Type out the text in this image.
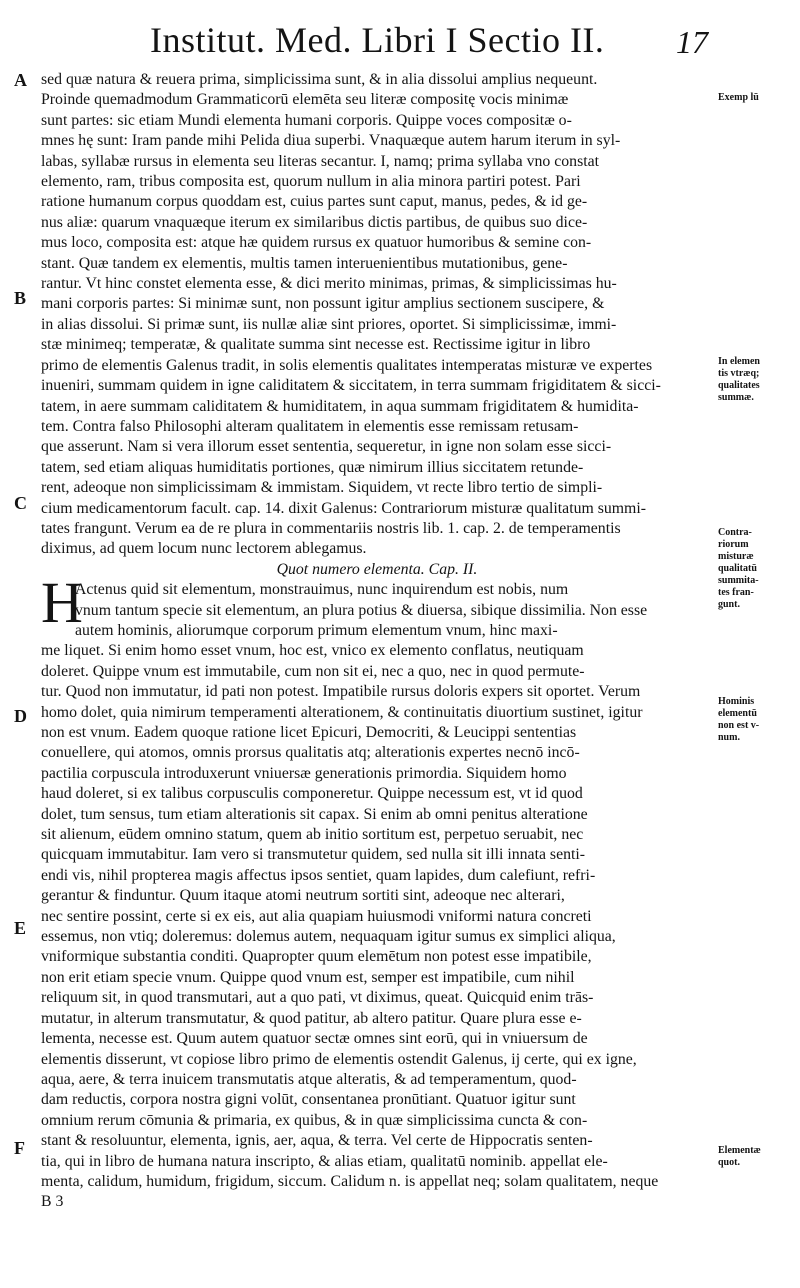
Institut. Med. Libri I Sectio II. 17
A
B
C
D
E
F
Exemp lū
In elemen
tis vtræq;
qualitates
summæ.
Contra-
riorum
misturæ
qualitatū
summita-
tes fran-
gunt.
Hominis
elementū
non est v-
num.
Elementæ
quot.
sed quæ natura & reuera prima, simplicissima sunt, & in alia dissolui amplius nequeunt.
Proinde quemadmodum Grammaticorū elemēta seu literæ compositę vocis minimæ
sunt partes: sic etiam Mundi elementa humani corporis. Quippe voces compositæ o-
mnes hę sunt: Iram pande mihi Pelida diua superbi. Vnaquæque autem harum iterum in syl-
labas, syllabæ rursus in elementa seu literas secantur. I, namq; prima syllaba vno constat
elemento, ram, tribus composita est, quorum nullum in alia minora partiri potest. Pari
ratione humanum corpus quoddam est, cuius partes sunt caput, manus, pedes, & id ge-
nus aliæ: quarum vnaquæque iterum ex similaribus dictis partibus, de quibus suo dice-
mus loco, composita est: atque hæ quidem rursus ex quatuor humoribus & semine con-
stant. Quæ tandem ex elementis, multis tamen interuenientibus mutationibus, gene-
rantur. Vt hinc constet elementa esse, & dici merito minimas, primas, & simplicissimas hu-
mani corporis partes: Si minimæ sunt, non possunt igitur amplius sectionem suscipere, &
in alias dissolui. Si primæ sunt, iis nullæ aliæ sint priores, oportet. Si simplicissimæ, immi-
stæ minimeq; temperatæ, & qualitate summa sint necesse est. Rectissime igitur in libro
primo de elementis Galenus tradit, in solis elementis qualitates intemperatas misturæ ve expertes
inueniri, summam quidem in igne caliditatem & siccitatem, in terra summam frigiditatem & sicci-
tatem, in aere summam caliditatem & humiditatem, in aqua summam frigiditatem & humidita-
tem. Contra falso Philosophi alteram qualitatem in elementis esse remissam retusam-
que asserunt. Nam si vera illorum esset sententia, sequeretur, in igne non solam esse sicci-
tatem, sed etiam aliquas humiditatis portiones, quæ nimirum illius siccitatem retunde-
rent, adeoque non simplicissimam & immistam. Siquidem, vt recte libro tertio de simpli-
cium medicamentorum facult. cap. 14. dixit Galenus: Contrariorum misturæ qualitatum summi-
tates frangunt. Verum ea de re plura in commentariis nostris lib. 1. cap. 2. de temperamentis
diximus, ad quem locum nunc lectorem ablegamus.
Quot numero elementa. Cap. II.
Actenus quid sit elementum, monstrauimus, nunc inquirendum est nobis, num
H
vnum tantum specie sit elementum, an plura potius & diuersa, sibique dissimilia. Non esse
autem hominis, aliorumque corporum primum elementum vnum, hinc maxi-
me liquet. Si enim homo esset vnum, hoc est, vnico ex elemento conflatus, neutiquam
doleret. Quippe vnum est immutabile, cum non sit ei, nec a quo, nec in quod permute-
tur. Quod non immutatur, id pati non potest. Impatibile rursus doloris expers sit oportet. Verum
homo dolet, quia nimirum temperamenti alterationem, & continuitatis diuortium sustinet, igitur
non est vnum. Eadem quoque ratione licet Epicuri, Democriti, & Leucippi sententias
conuellere, qui atomos, omnis prorsus qualitatis atq; alterationis expertes necnō incō-
pactilia corpuscula introduxerunt vniuersæ generationis primordia. Siquidem homo
haud doleret, si ex talibus corpusculis componeretur. Quippe necessum est, vt id quod
dolet, tum sensus, tum etiam alterationis sit capax. Si enim ab omni penitus alteratione
sit alienum, eūdem omnino statum, quem ab initio sortitum est, perpetuo seruabit, nec
quicquam immutabitur. Iam vero si transmutetur quidem, sed nulla sit illi innata senti-
endi vis, nihil propterea magis affectus ipsos sentiet, quam lapides, dum calefiunt, refri-
gerantur & finduntur. Quum itaque atomi neutrum sortiti sint, adeoque nec alterari,
nec sentire possint, certe si ex eis, aut alia quapiam huiusmodi vniformi natura concreti
essemus, non vtiq; doleremus: dolemus autem, nequaquam igitur sumus ex simplici aliqua,
vniformique substantia conditi. Quapropter quum elemētum non potest esse impatibile,
non erit etiam specie vnum. Quippe quod vnum est, semper est impatibile, cum nihil
reliquum sit, in quod transmutari, aut a quo pati, vt diximus, queat. Quicquid enim trās-
mutatur, in alterum transmutatur, & quod patitur, ab altero patitur. Quare plura esse e-
lementa, necesse est. Quum autem quatuor sectæ omnes sint eorū, qui in vniuersum de
elementis disserunt, vt copiose libro primo de elementis ostendit Galenus, ij certe, qui ex igne,
aqua, aere, & terra inuicem transmutatis atque alteratis, & ad temperamentum, quod-
dam reductis, corpora nostra gigni volūt, consentanea pronūtiant. Quatuor igitur sunt
omnium rerum cōmunia & primaria, ex quibus, & in quæ simplicissima cuncta & con-
stant & resoluuntur, elementa, ignis, aer, aqua, & terra. Vel certe de Hippocratis senten-
tia, qui in libro de humana natura inscripto, & alias etiam, qualitatū nominib. appellat ele-
menta, calidum, humidum, frigidum, siccum. Calidum n. is appellat neq; solam qualitatem, neque
B 3
